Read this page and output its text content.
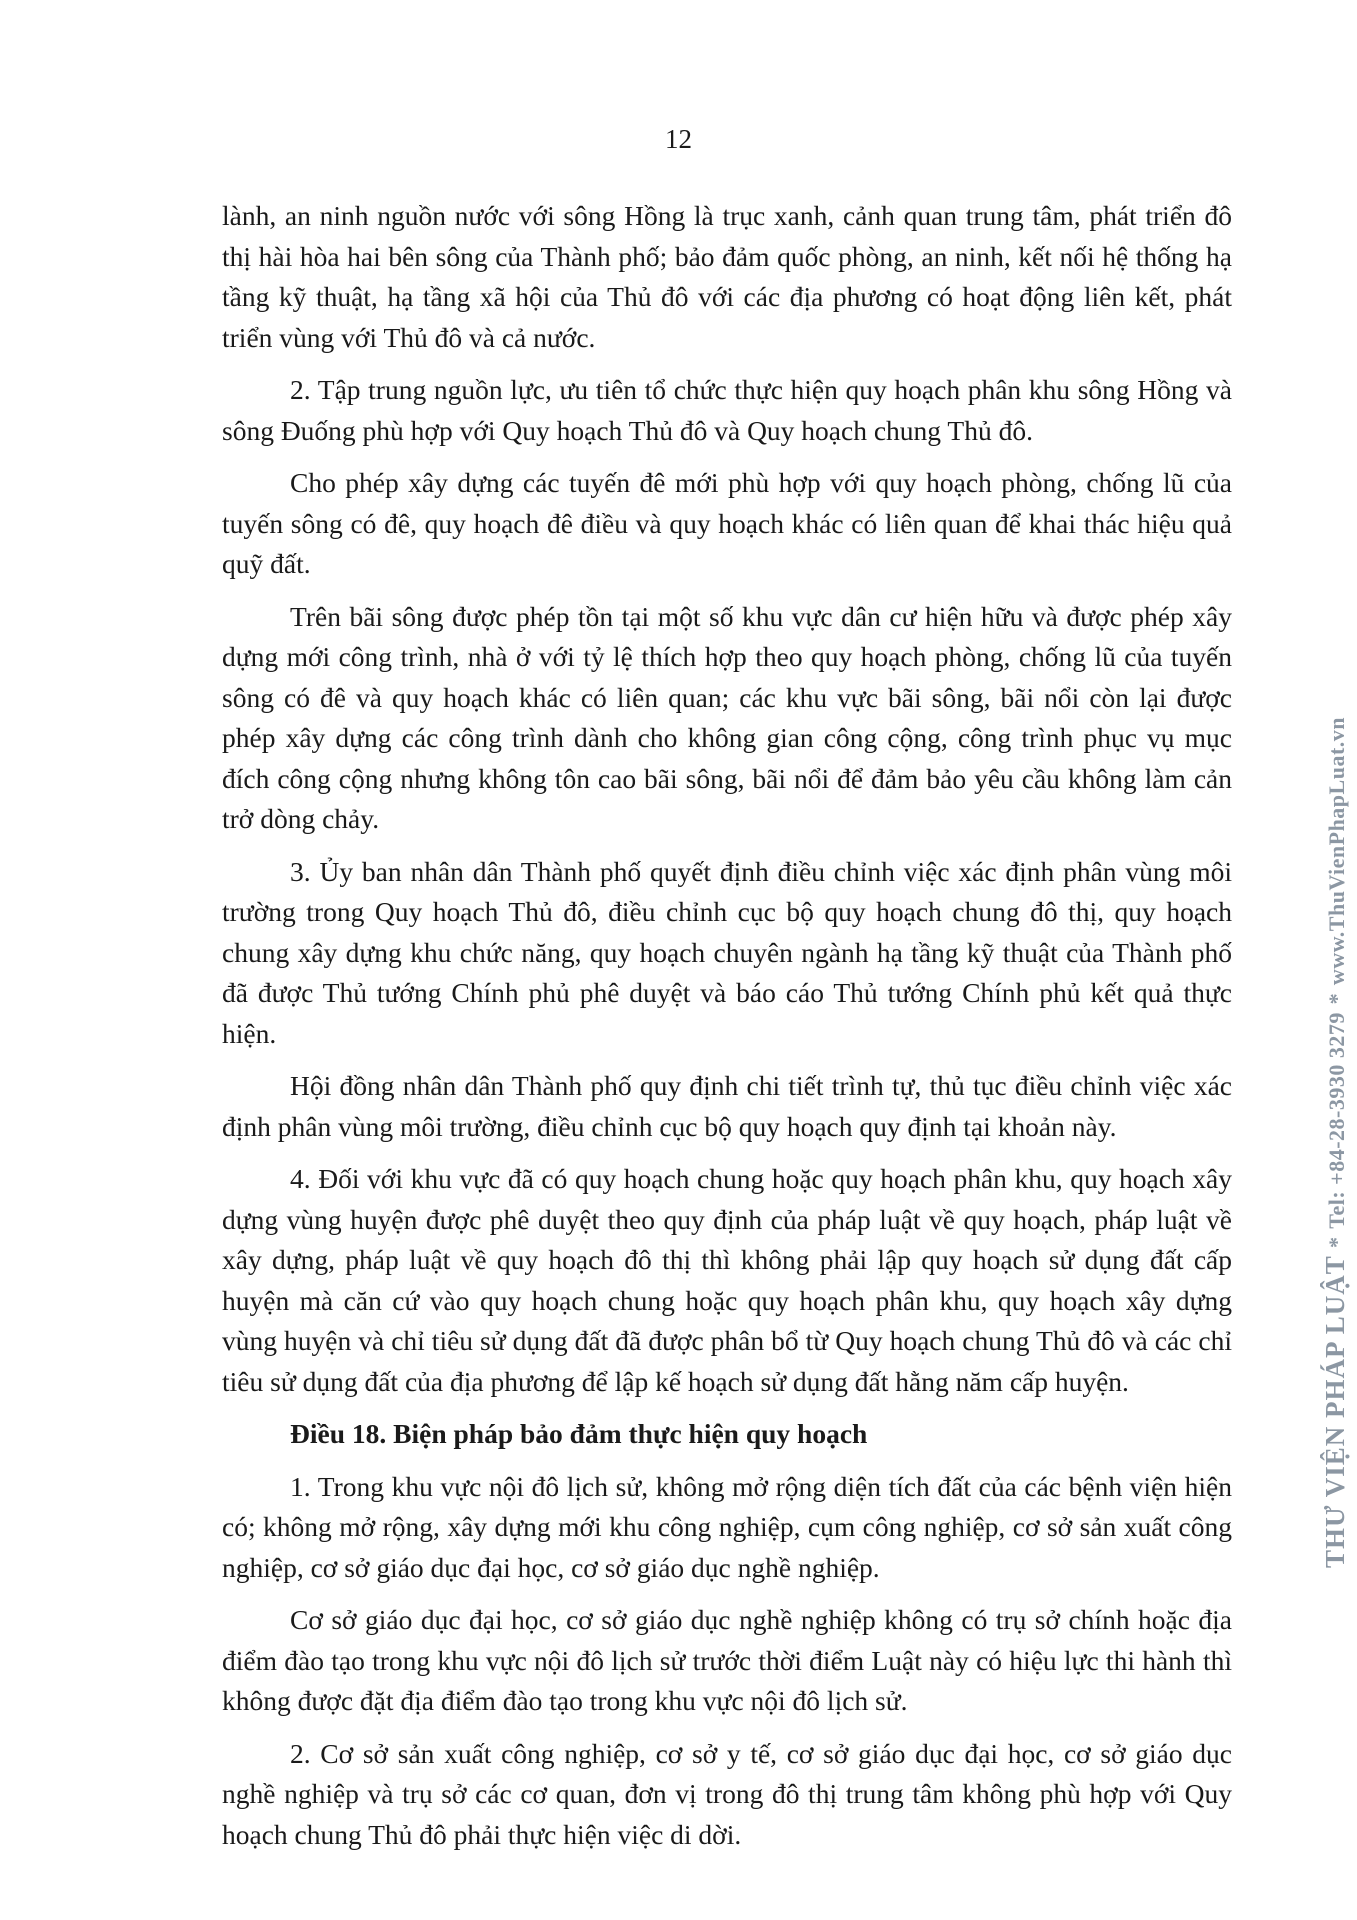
12

lành, an ninh nguồn nước với sông Hồng là trục xanh, cảnh quan trung tâm, phát triển đô thị hài hòa hai bên sông của Thành phố; bảo đảm quốc phòng, an ninh, kết nối hệ thống hạ tầng kỹ thuật, hạ tầng xã hội của Thủ đô với các địa phương có hoạt động liên kết, phát triển vùng với Thủ đô và cả nước.

2. Tập trung nguồn lực, ưu tiên tổ chức thực hiện quy hoạch phân khu sông Hồng và sông Đuống phù hợp với Quy hoạch Thủ đô và Quy hoạch chung Thủ đô.

Cho phép xây dựng các tuyến đê mới phù hợp với quy hoạch phòng, chống lũ của tuyến sông có đê, quy hoạch đê điều và quy hoạch khác có liên quan để khai thác hiệu quả quỹ đất.

Trên bãi sông được phép tồn tại một số khu vực dân cư hiện hữu và được phép xây dựng mới công trình, nhà ở với tỷ lệ thích hợp theo quy hoạch phòng, chống lũ của tuyến sông có đê và quy hoạch khác có liên quan; các khu vực bãi sông, bãi nổi còn lại được phép xây dựng các công trình dành cho không gian công cộng, công trình phục vụ mục đích công cộng nhưng không tôn cao bãi sông, bãi nổi để đảm bảo yêu cầu không làm cản trở dòng chảy.

3. Ủy ban nhân dân Thành phố quyết định điều chỉnh việc xác định phân vùng môi trường trong Quy hoạch Thủ đô, điều chỉnh cục bộ quy hoạch chung đô thị, quy hoạch chung xây dựng khu chức năng, quy hoạch chuyên ngành hạ tầng kỹ thuật của Thành phố đã được Thủ tướng Chính phủ phê duyệt và báo cáo Thủ tướng Chính phủ kết quả thực hiện.

Hội đồng nhân dân Thành phố quy định chi tiết trình tự, thủ tục điều chỉnh việc xác định phân vùng môi trường, điều chỉnh cục bộ quy hoạch quy định tại khoản này.

4. Đối với khu vực đã có quy hoạch chung hoặc quy hoạch phân khu, quy hoạch xây dựng vùng huyện được phê duyệt theo quy định của pháp luật về quy hoạch, pháp luật về xây dựng, pháp luật về quy hoạch đô thị thì không phải lập quy hoạch sử dụng đất cấp huyện mà căn cứ vào quy hoạch chung hoặc quy hoạch phân khu, quy hoạch xây dựng vùng huyện và chỉ tiêu sử dụng đất đã được phân bổ từ Quy hoạch chung Thủ đô và các chỉ tiêu sử dụng đất của địa phương để lập kế hoạch sử dụng đất hằng năm cấp huyện.

Điều 18. Biện pháp bảo đảm thực hiện quy hoạch

1. Trong khu vực nội đô lịch sử, không mở rộng diện tích đất của các bệnh viện hiện có; không mở rộng, xây dựng mới khu công nghiệp, cụm công nghiệp, cơ sở sản xuất công nghiệp, cơ sở giáo dục đại học, cơ sở giáo dục nghề nghiệp.

Cơ sở giáo dục đại học, cơ sở giáo dục nghề nghiệp không có trụ sở chính hoặc địa điểm đào tạo trong khu vực nội đô lịch sử trước thời điểm Luật này có hiệu lực thi hành thì không được đặt địa điểm đào tạo trong khu vực nội đô lịch sử.

2. Cơ sở sản xuất công nghiệp, cơ sở y tế, cơ sở giáo dục đại học, cơ sở giáo dục nghề nghiệp và trụ sở các cơ quan, đơn vị trong đô thị trung tâm không phù hợp với Quy hoạch chung Thủ đô phải thực hiện việc di dời.

THƯ VIỆN PHÁP LUẬT * Tel: +84-28-3930 3279 * www.ThuVienPhapLuat.vn
